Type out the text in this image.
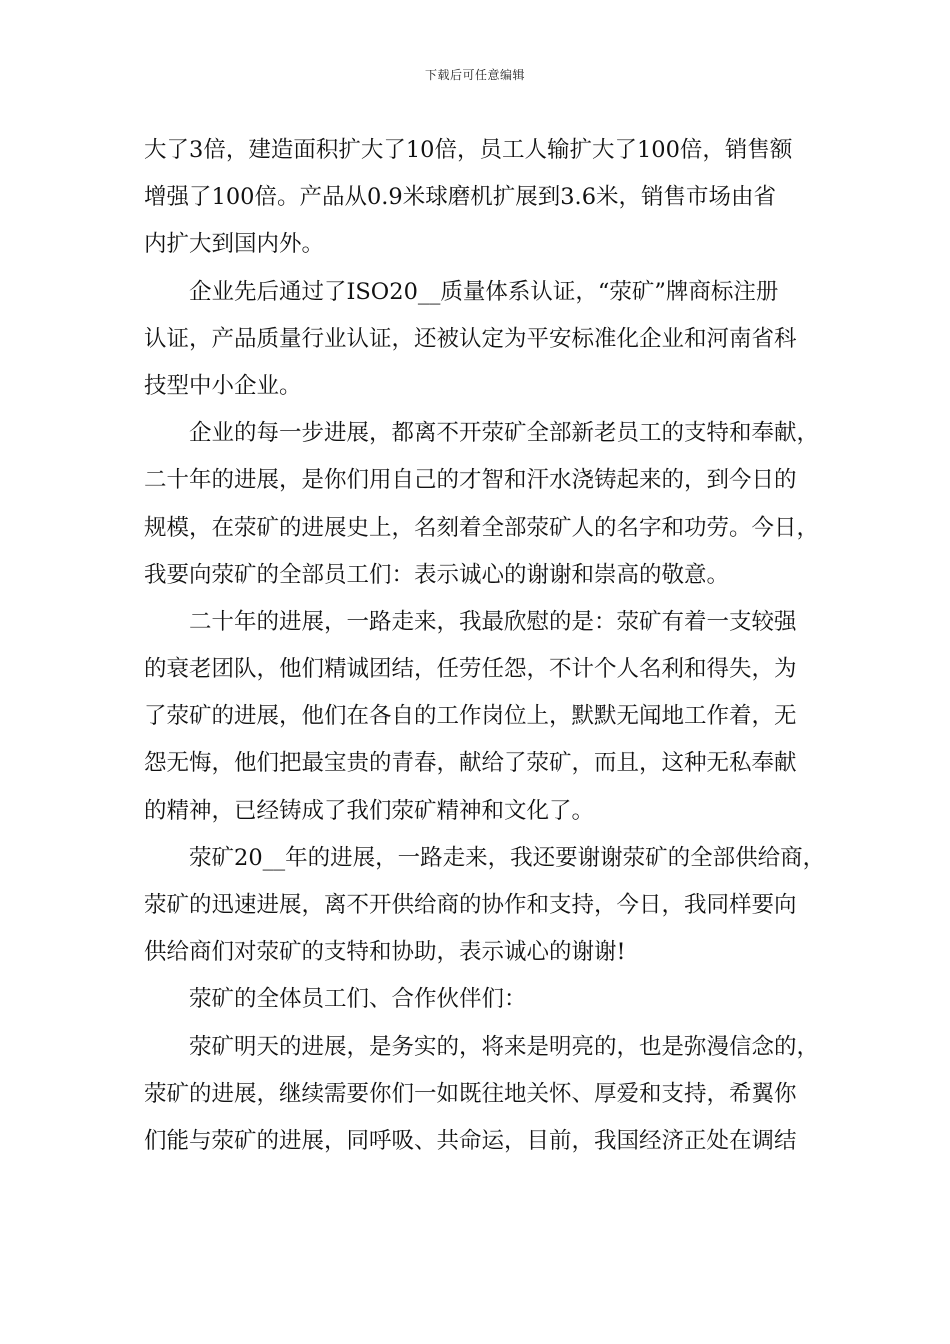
下载后可任意编辑
大了3倍，建造面积扩大了10倍，员工人输扩大了100倍，销售额
增强了100倍。产品从0.9米球磨机扩展到3.6米，销售市场由省
内扩大到国内外。
企业先后通过了ISO20__质量体系认证，“荥矿”牌商标注册
认证，产品质量行业认证，还被认定为平安标准化企业和河南省科
技型中小企业。
企业的每一步进展，都离不开荥矿全部新老员工的支特和奉献，
二十年的进展，是你们用自己的才智和汗水浇铸起来的，到今日的
规模，在荥矿的进展史上，名刻着全部荥矿人的名字和功劳。今日，
我要向荥矿的全部员工们：表示诚心的谢谢和崇高的敬意。
二十年的进展，一路走来，我最欣慰的是：荥矿有着一支较强
的衰老团队，他们精诚团结，任劳任怨，不计个人名利和得失，为
了荥矿的进展，他们在各自的工作岗位上，默默无闻地工作着，无
怨无悔，他们把最宝贵的青春，献给了荥矿，而且，这种无私奉献
的精神，已经铸成了我们荥矿精神和文化了。
荥矿20__年的进展，一路走来，我还要谢谢荥矿的全部供给商，
荥矿的迅速进展，离不开供给商的协作和支持，今日，我同样要向
供给商们对荥矿的支特和协助，表示诚心的谢谢!
荥矿的全体员工们、合作伙伴们：
荥矿明天的进展，是务实的，将来是明亮的，也是弥漫信念的，
荥矿的进展，继续需要你们一如既往地关怀、厚爱和支持，希翼你
们能与荥矿的进展，同呼吸、共命运，目前，我国经济正处在调结
